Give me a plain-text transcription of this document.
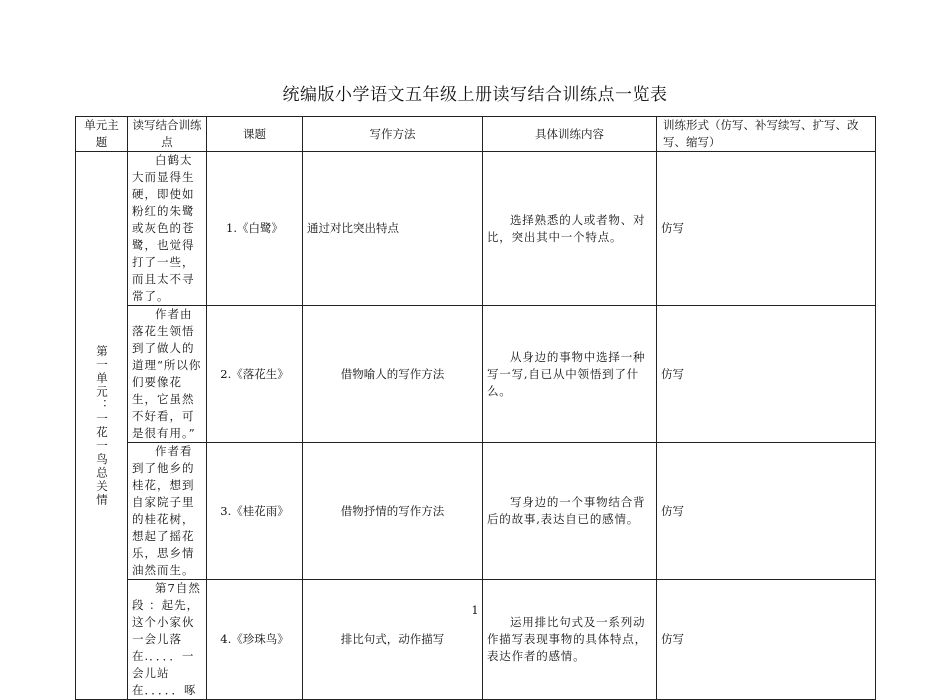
统编版小学语文五年级上册读写结合训练点一览表
单元主题	读写结合训练点	课题	写作方法	具体训练内容	训练形式（仿写、补写续写、扩写、改写、缩写）
第一单元：一花一鸟总关情	白鹤太大而显得生硬，即使如粉红的朱鹭或灰色的苍鹭，也觉得打了一些，而且太不寻常了。	1.《白鹭》	通过对比突出特点	选择熟悉的人或者物、对比，突出其中一个特点。	仿写

	作者由落花生领悟到了做人的道理“所以你们要像花生，它虽然不好看，可是很有用。”	2.《落花生》	借物喻人的写作方法	从身边的事物中选择一种写一写,自已从中领悟到了什么。	仿写

	作者看到了他乡的桂花，想到自家院子里的桂花树，想起了摇花乐，思乡情油然而生。	3.《桂花雨》	借物抒情的写作方法	写身边的一个事物结合背后的故事,表达自已的感情。	仿写

	第7自然段 ：起先，这个小家伙一会儿落在.．．．．一会儿站在．．．．．啄	4.《珍珠鸟》	排比句式，动作描写	运用排比句式及一系列动作描写表现事物的具体特点，表达作者的感情。	仿写
1
